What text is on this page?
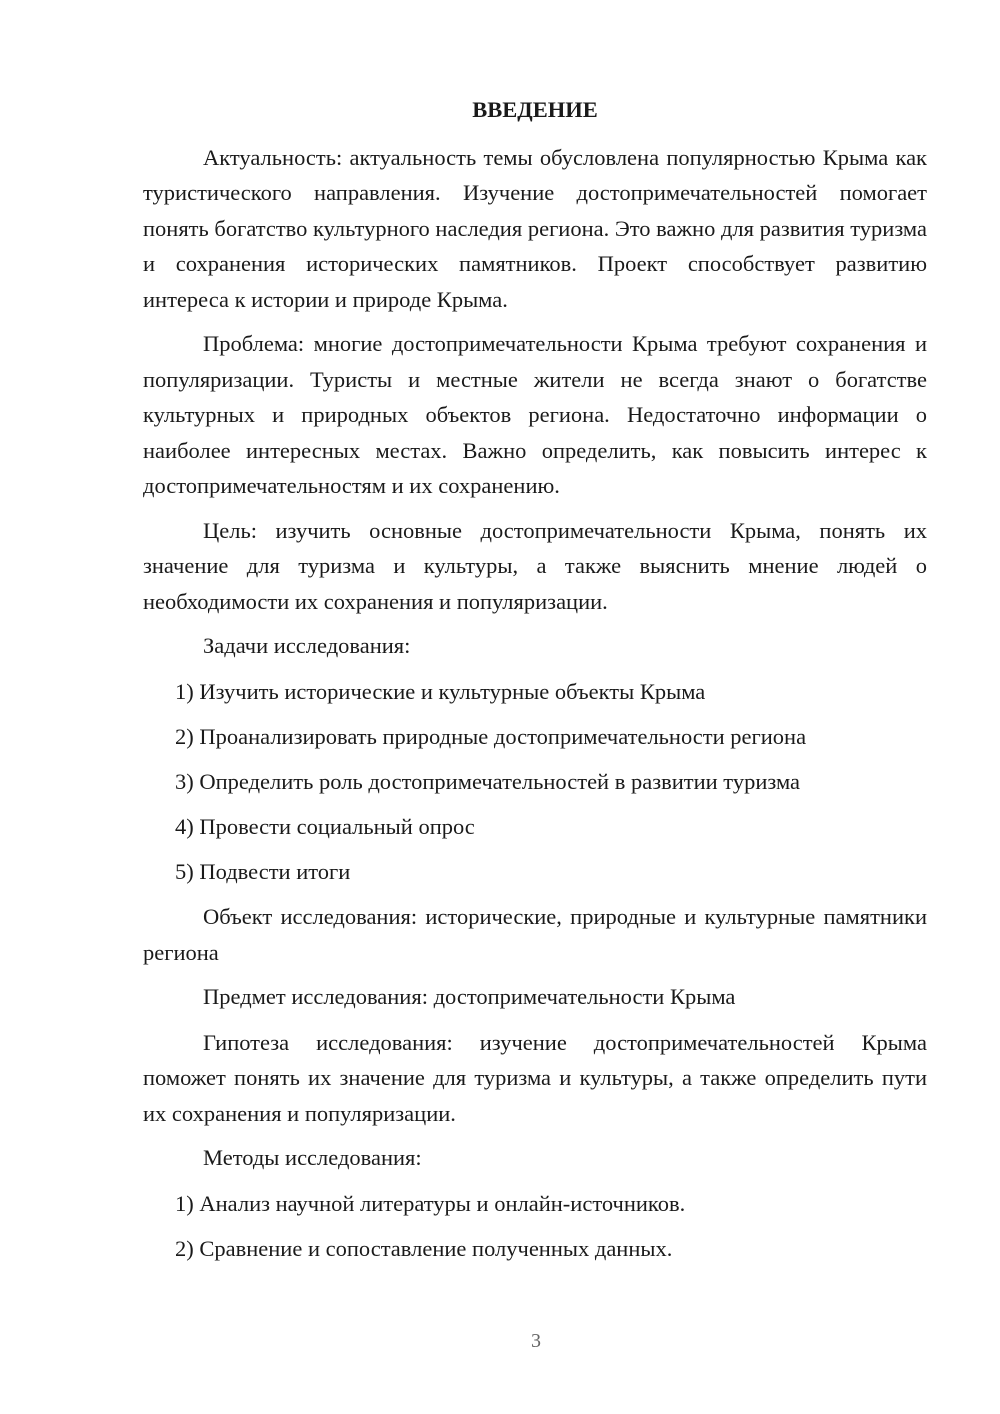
ВВЕДЕНИЕ

Актуальность: актуальность темы обусловлена популярностью Крыма как туристического направления. Изучение достопримечательностей помогает понять богатство культурного наследия региона. Это важно для развития туризма и сохранения исторических памятников. Проект способствует развитию интереса к истории и природе Крыма.

Проблема: многие достопримечательности Крыма требуют сохранения и популяризации. Туристы и местные жители не всегда знают о богатстве культурных и природных объектов региона. Недостаточно информации о наиболее интересных местах. Важно определить, как повысить интерес к достопримечательностям и их сохранению.

Цель: изучить основные достопримечательности Крыма, понять их значение для туризма и культуры, а также выяснить мнение людей о необходимости их сохранения и популяризации.

Задачи исследования:

1) Изучить исторические и культурные объекты Крыма
2) Проанализировать природные достопримечательности региона
3) Определить роль достопримечательностей в развитии туризма
4) Провести социальный опрос
5) Подвести итоги

Объект исследования: исторические, природные и культурные памятники региона

Предмет исследования: достопримечательности Крыма

Гипотеза исследования: изучение достопримечательностей Крыма поможет понять их значение для туризма и культуры, а также определить пути их сохранения и популяризации.

Методы исследования:

1) Анализ научной литературы и онлайн-источников.
2) Сравнение и сопоставление полученных данных.
3
